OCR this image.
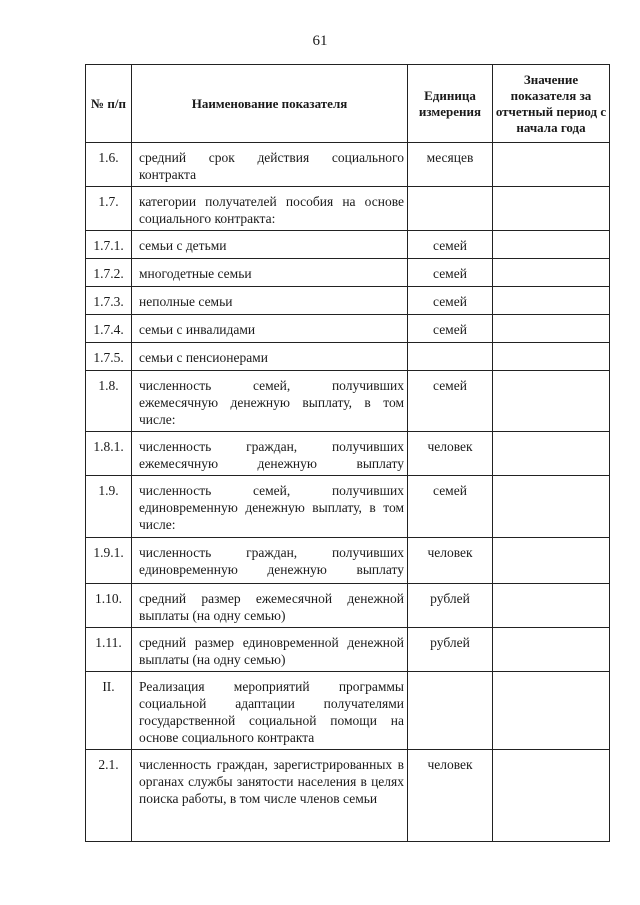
61
№ п/п	Наименование показателя	Единица измерения	Значение показателя за отчетный период с начала года
1.6.	средний срок действия социального контракта	месяцев	
1.7.	категории получателей пособия на основе социального контракта:		
1.7.1.	семьи с детьми	семей	
1.7.2.	многодетные семьи	семей	
1.7.3.	неполные семьи	семей	
1.7.4.	семьи с инвалидами	семей	
1.7.5.	семьи с пенсионерами		
1.8.	численность семей, получивших ежемесячную денежную выплату, в том числе:	семей	
1.8.1.	численность граждан, получивших ежемесячную денежную выплату	человек	
1.9.	численность семей, получивших единовременную денежную выплату, в том числе:	семей	
1.9.1.	численность граждан, получивших единовременную денежную выплату	человек	
1.10.	средний размер ежемесячной денежной выплаты (на одну семью)	рублей	
1.11.	средний размер единовременной денежной выплаты (на одну семью)	рублей	
II.	Реализация мероприятий программы социальной адаптации получателями государственной социальной помощи на основе социального контракта		
2.1.	численность граждан, зарегистрированных в органах службы занятости населения в целях поиска работы, в том числе членов семьи	человек	
